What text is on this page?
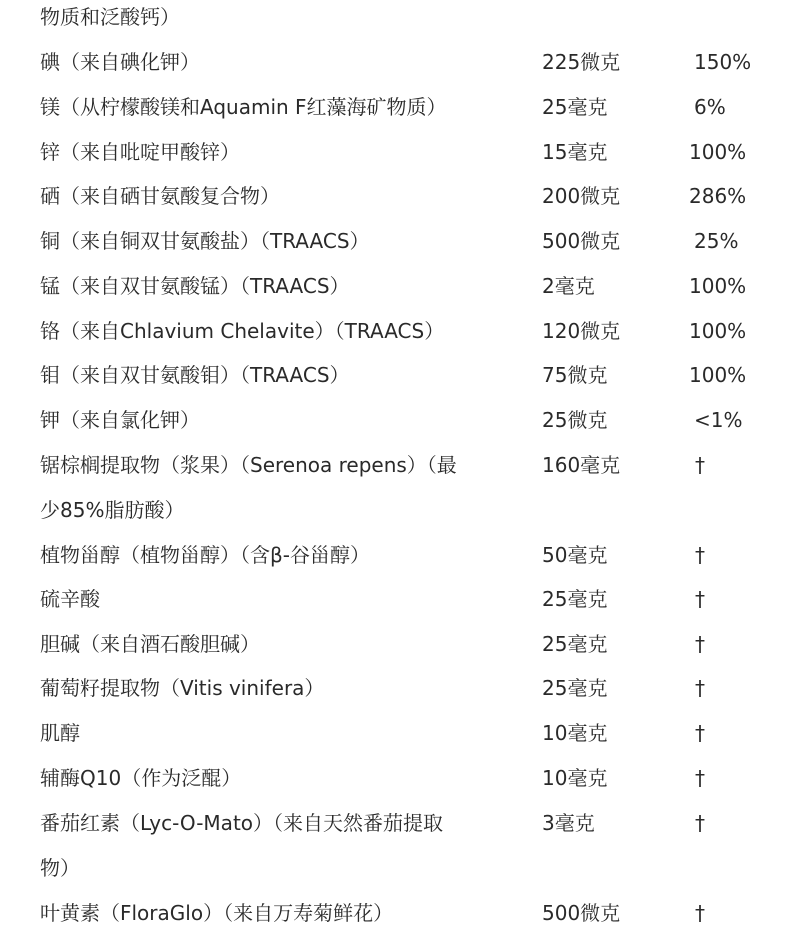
物质和泛酸钙）
碘（来自碘化钾）	225微克	150%
镁（从柠檬酸镁和Aquamin F红藻海矿物质）	25毫克	6%
锌（来自吡啶甲酸锌）	15毫克	100%
硒（来自硒甘氨酸复合物）	200微克	286%
铜（来自铜双甘氨酸盐）（TRAACS）	500微克	25%
锰（来自双甘氨酸锰）（TRAACS）	2毫克	100%
铬（来自Chlavium Chelavite）（TRAACS）	120微克	100%
钼（来自双甘氨酸钼）（TRAACS）	75微克	100%
钾（来自氯化钾）	25微克	<1%
锯棕榈提取物（浆果）（Serenoa repens）（最	160毫克	†
少85%脂肪酸）
植物甾醇（植物甾醇）（含β-谷甾醇）	50毫克	†
硫辛酸	25毫克	†
胆碱（来自酒石酸胆碱）	25毫克	†
葡萄籽提取物（Vitis vinifera）	25毫克	†
肌醇	10毫克	†
辅酶Q10（作为泛醌）	10毫克	†
番茄红素（Lyc-O-Mato）（来自天然番茄提取	3毫克	†
物）
叶黄素（FloraGlo）（来自万寿菊鲜花）	500微克	†
